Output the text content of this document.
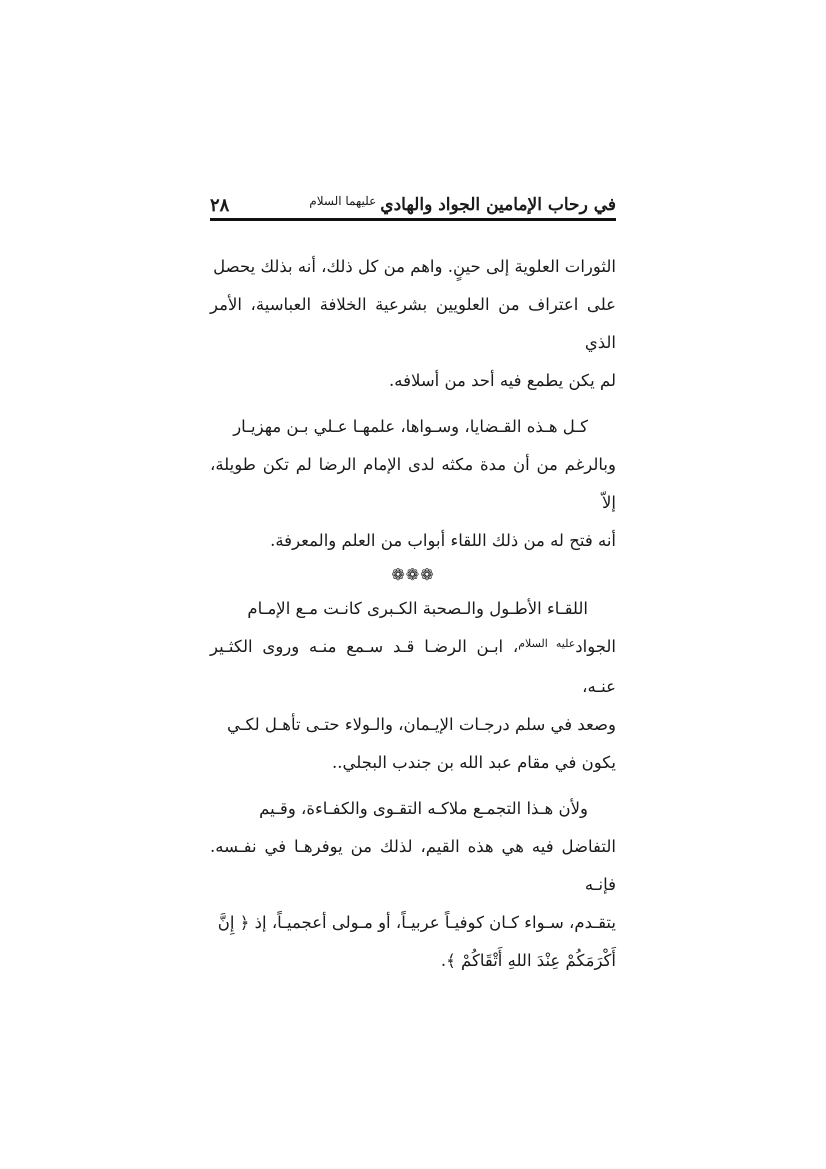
في رحاب الإمامين الجواد والهادي
عليهما السلام
٢٨
الثورات العلوية إلى حينٍ. واهم من كل ذلك، أنه بذلك يحصل
على اعتراف من العلويين بشرعية الخلافة العباسية، الأمر الذي
لم يكن يطمع فيه أحد من أسلافه.
كـل هـذه القـضايا، وسـواها، علمهـا عـلي بـن مهزيـار
وبالرغم من أن مدة مكثه لدى الإمام الرضا لم تكن طويلة، إلاّ
أنه فتح له من ذلك اللقاء أبواب من العلم والمعرفة.
❁❁❁
اللقـاء الأطـول والـصحبة الكـبرى كانـت مـع الإمـام
الجواد$^{عليه السلام}$، ابـن الرضـا قـد سـمع منـه وروى الكثـير عنـه،
وصعد في سلم درجـات الإيـمان، والـولاء حتـى تأهـل لكـي
يكون في مقام عبد الله بن جندب البجلي..
ولأن هـذا التجمـع ملاكـه التقـوى والكفـاءة، وقـيم
التفاضل فيه هي هذه القيم، لذلك من يوفرهـا في نفـسه. فإنـه
يتقـدم، سـواء كـان كوفيـاً عربيـاً، أو مـولى أعجميـاً، إذ ﴿ إِنَّ
أَكْرَمَكُمْ عِنْدَ اللهِ أَتْقَاكُمْ ﴾.
